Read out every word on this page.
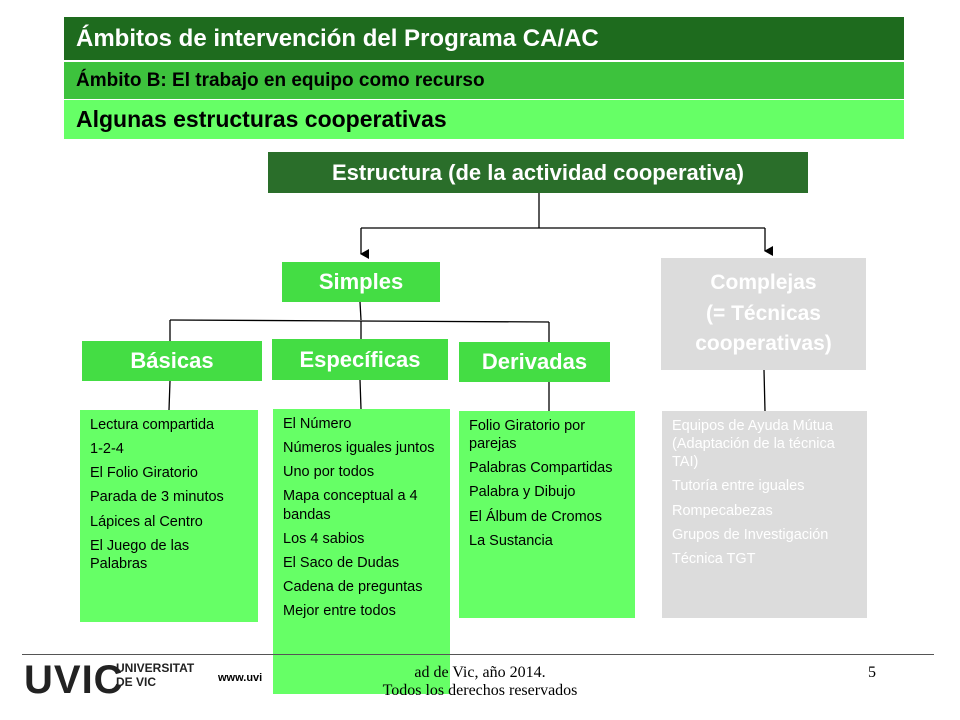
Ámbitos de intervención del Programa CA/AC
Ámbito B: El trabajo en equipo como recurso
Algunas estructuras cooperativas
Estructura (de la actividad cooperativa)
Simples	Complejas
(= Técnicas cooperativas)
Básicas	Específicas	Derivadas
Lectura compartida
1-2-4
El Folio Giratorio
Parada de 3 minutos
Lápices al Centro
El Juego de las Palabras
El Número
Números iguales juntos
Uno por todos
Mapa conceptual a 4 bandas
Los 4 sabios
El Saco de Dudas
Cadena de preguntas
Mejor entre todos
Folio Giratorio por parejas
Palabras Compartidas
Palabra y Dibujo
El Álbum de Cromos
La Sustancia
Equipos de Ayuda Mútua (Adaptación de la técnica TAI)
Tutoría entre iguales
Rompecabezas
Grupos de Investigación
Técnica TGT
UVIC
UNIVERSITAT
DE VIC	www.uvi	ad de Vic, año 2014.
Todos los derechos reservados
5
